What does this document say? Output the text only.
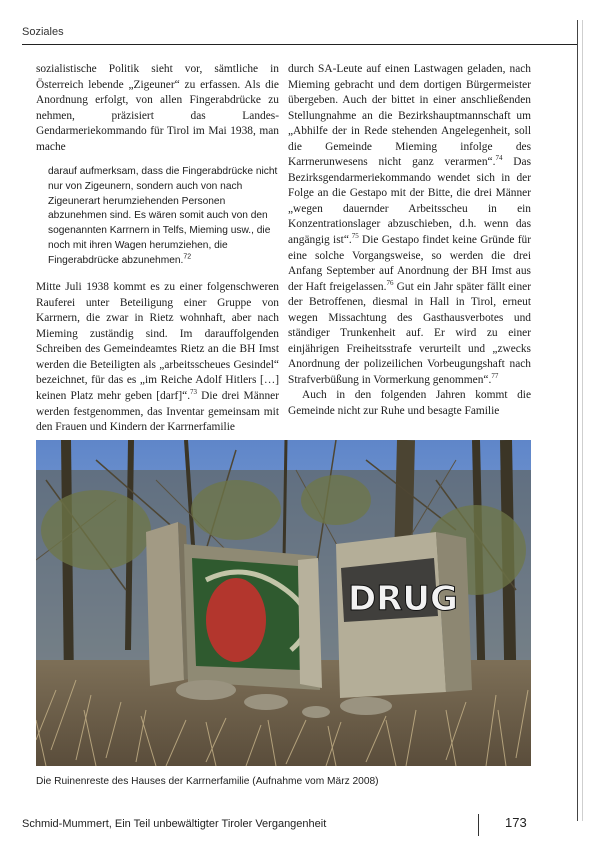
Soziales

sozialistische Politik sieht vor, sämtliche in Österreich lebende „Zigeuner“ zu erfassen. Als die Anordnung erfolgt, von allen Fingerabdrücke zu nehmen, präzisiert das Landes-Gendarmeriekommando für Tirol im Mai 1938, man mache

darauf aufmerksam, dass die Fingerabdrücke nicht nur von Zigeunern, sondern auch von nach Zigeunerart herumziehenden Personen abzunehmen sind. Es wären somit auch von den sogenannten Karrnern in Telfs, Mieming usw., die noch mit ihren Wagen herumziehen, die Fingerabdrücke abzunehmen.$^{72}$

Mitte Juli 1938 kommt es zu einer folgenschweren Rauferei unter Beteiligung einer Gruppe von Karrnern, die zwar in Rietz wohnhaft, aber nach Mieming zuständig sind. Im darauffolgenden Schreiben des Gemeindeamtes Rietz an die BH Imst werden die Beteiligten als „arbeitsscheues Gesindel“ bezeichnet, für das es „im Reiche Adolf Hitlers […] keinen Platz mehr geben [darf]“.$^{73}$ Die drei Männer werden festgenommen, das Inventar gemeinsam mit den Frauen und Kindern der Karrnerfamilie

durch SA-Leute auf einen Lastwagen geladen, nach Mieming gebracht und dem dortigen Bürgermeister übergeben. Auch der bittet in einer anschließenden Stellungnahme an die Bezirkshauptmannschaft um „Abhilfe der in Rede stehenden Angelegenheit, soll die Gemeinde Mieming infolge des Karrnerunwesens nicht ganz verarmen“.$^{74}$ Das Bezirksgendarmeriekommando wendet sich in der Folge an die Gestapo mit der Bitte, die drei Männer „wegen dauernder Arbeitsscheu in ein Konzentrationslager abzuschieben, d.h. wenn das angängig ist“.$^{75}$ Die Gestapo findet keine Gründe für eine solche Vorgangsweise, so werden die drei Anfang September auf Anordnung der BH Imst aus der Haft freigelassen.$^{76}$ Gut ein Jahr später fällt einer der Betroffenen, diesmal in Hall in Tirol, erneut wegen Missachtung des Gasthausverbotes und ständiger Trunkenheit auf. Er wird zu einer einjährigen Freiheitsstrafe verurteilt und „zwecks Anordnung der polizeilichen Vorbeugungshaft nach Strafverbüßung in Vormerkung genommen“.$^{77}$

Auch in den folgenden Jahren kommt die Gemeinde nicht zur Ruhe und besagte Familie

DRUG
Die Ruinenreste des Hauses der Karrnerfamilie (Aufnahme vom März 2008)
Schmid-Mummert, Ein Teil unbewältigter Tiroler Vergangenheit	173
